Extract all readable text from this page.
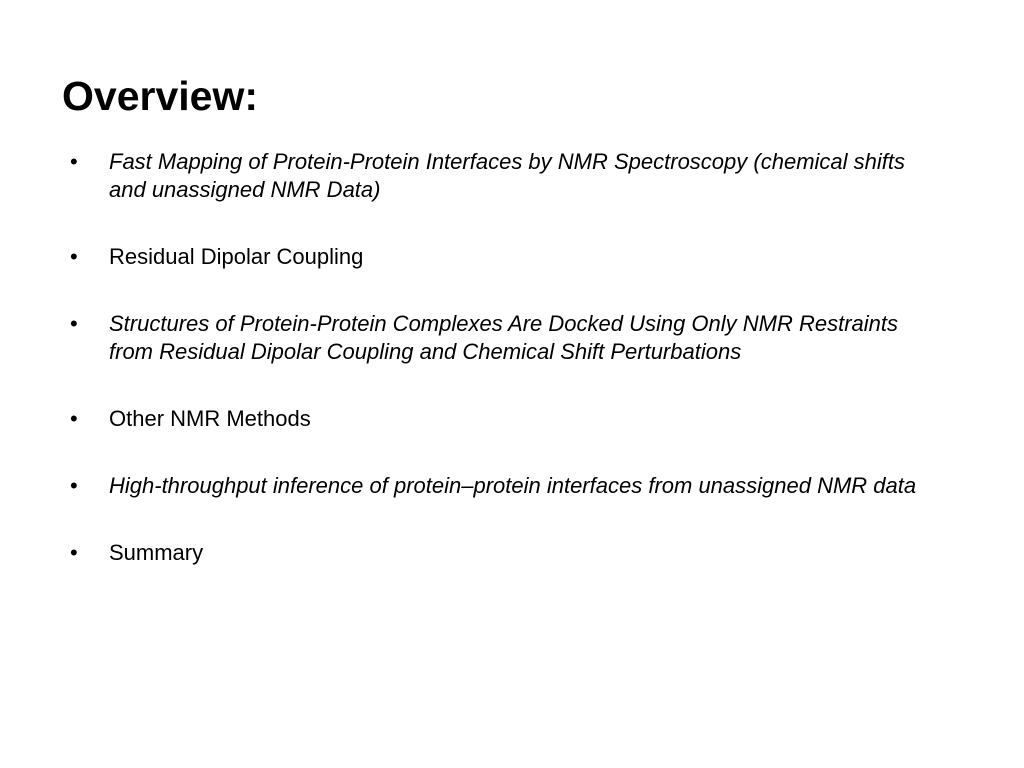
Overview:
•	Fast Mapping of Protein-Protein Interfaces by NMR Spectroscopy (chemical shifts and unassigned NMR Data)
•	Residual Dipolar Coupling
•	Structures of Protein-Protein Complexes Are Docked Using Only NMR Restraints from Residual Dipolar Coupling and Chemical Shift Perturbations
•	Other NMR Methods
•	High-throughput inference of protein–protein interfaces from unassigned NMR data
•	Summary
